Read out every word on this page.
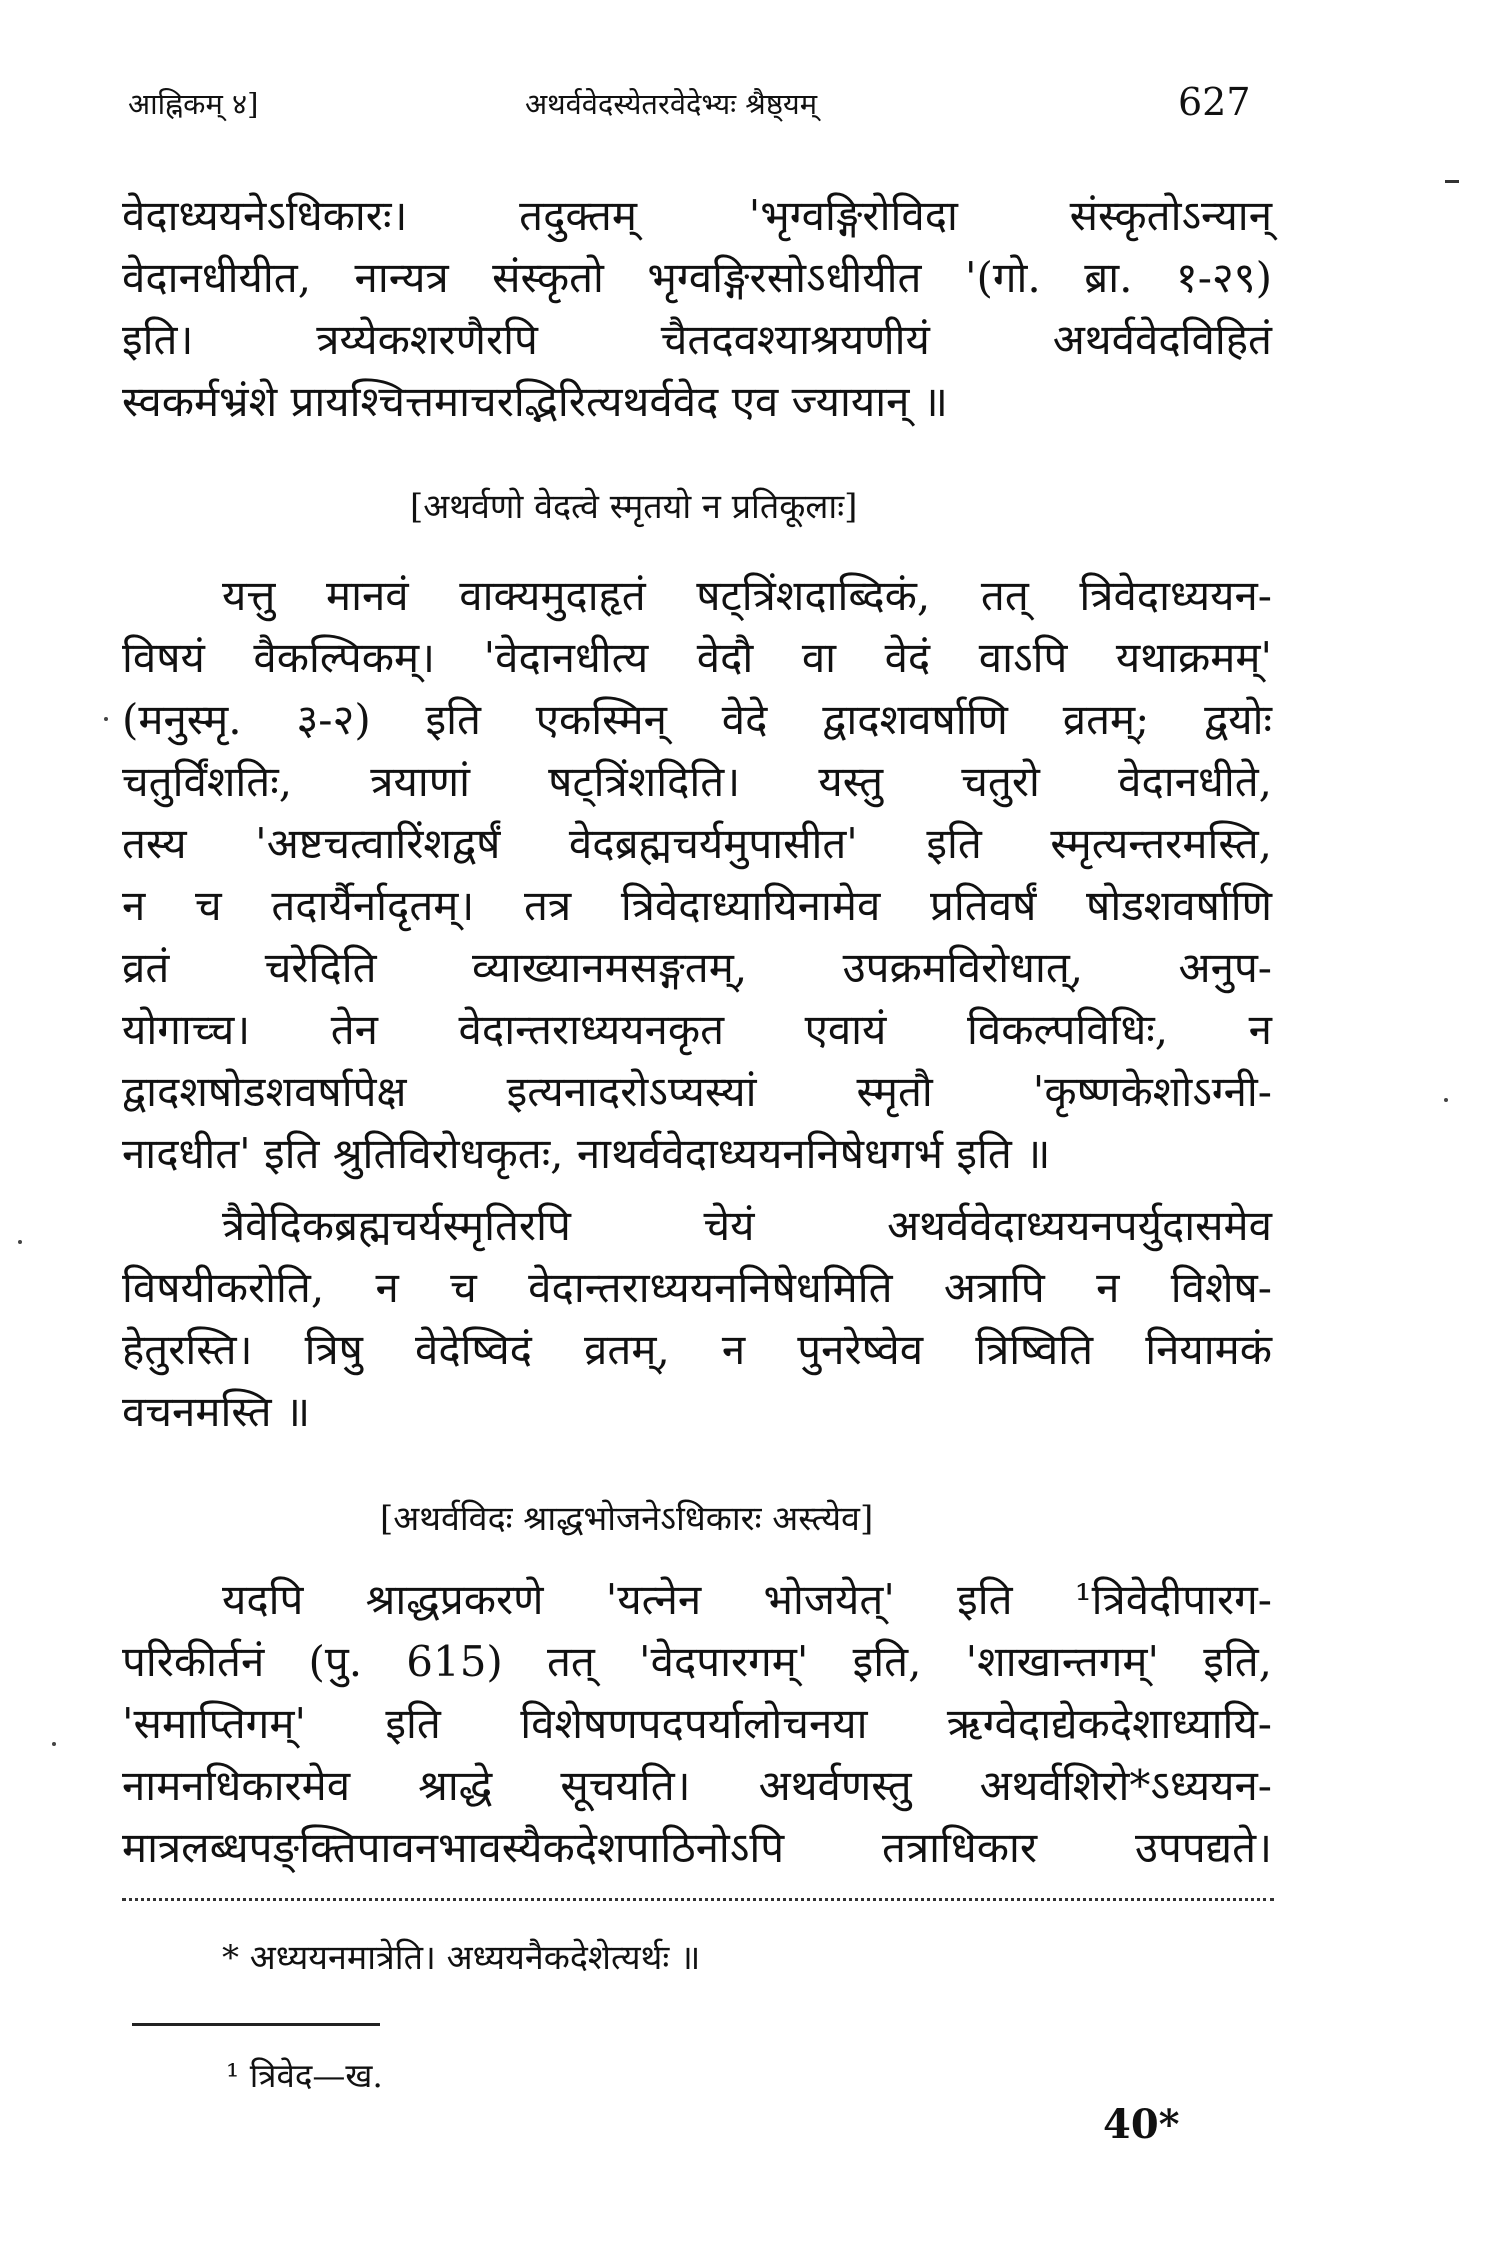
आह्निकम् ४]	अथर्ववेदस्येतरवेदेभ्यः श्रैष्ठ्यम्	627
वेदाध्ययनेऽधिकारः। तदुक्तम् 'भृग्वङ्गिरोविदा संस्कृतोऽन्यान्
वेदानधीयीत, नान्यत्र संस्कृतो भृग्वङ्गिरसोऽधीयीत '(गो. ब्रा. १-२९)
इति। त्रय्येकशरणैरपि चैतदवश्याश्रयणीयं अथर्ववेदविहितं
स्वकर्मभ्रंशे प्रायश्चित्तमाचरद्भिरित्यथर्ववेद एव ज्यायान् ॥
[अथर्वणो वेदत्वे स्मृतयो न प्रतिकूलाः]
यत्तु मानवं वाक्यमुदाहृतं षट्त्रिंशदाब्दिकं, तत् त्रिवेदाध्ययन-
विषयं वैकल्पिकम्। 'वेदानधीत्य वेदौ वा वेदं वाऽपि यथाक्रमम्'
(मनुस्मृ. ३-२) इति एकस्मिन् वेदे द्वादशवर्षाणि व्रतम्; द्वयोः
चतुर्विंशतिः, त्रयाणां षट्त्रिंशदिति। यस्तु चतुरो वेदानधीते,
तस्य 'अष्टचत्वारिंशद्वर्षं वेदब्रह्मचर्यमुपासीत' इति स्मृत्यन्तरमस्ति,
न च तदार्यैर्नादृतम्। तत्र त्रिवेदाध्यायिनामेव प्रतिवर्षं षोडशवर्षाणि
व्रतं चरेदिति व्याख्यानमसङ्गतम्, उपक्रमविरोधात्, अनुप-
योगाच्च। तेन वेदान्तराध्ययनकृत एवायं विकल्पविधिः, न
द्वादशषोडशवर्षापेक्ष इत्यनादरोऽप्यस्यां स्मृतौ 'कृष्णकेशोऽग्नी-
नादधीत' इति श्रुतिविरोधकृतः, नाथर्ववेदाध्ययननिषेधगर्भ इति ॥
त्रैवेदिकब्रह्मचर्यस्मृतिरपि चेयं अथर्ववेदाध्ययनपर्युदासमेव
विषयीकरोति, न च वेदान्तराध्ययननिषेधमिति अत्रापि न विशेष-
हेतुरस्ति। त्रिषु वेदेष्विदं व्रतम्, न पुनरेष्वेव त्रिष्विति नियामकं
वचनमस्ति ॥
[अथर्वविदः श्राद्धभोजनेऽधिकारः अस्त्येव]
यदपि श्राद्धप्रकरणे 'यत्नेन भोजयेत्' इति ¹त्रिवेदीपारग-
परिकीर्तनं (पु. 615) तत् 'वेदपारगम्' इति, 'शाखान्तगम्' इति,
'समाप्तिगम्' इति विशेषणपदपर्यालोचनया ऋग्वेदाद्येकदेशाध्यायि-
नामनधिकारमेव श्राद्धे सूचयति। अथर्वणस्तु अथर्वशिरो*ऽध्ययन-
मात्रलब्धपङ्क्तिपावनभावस्यैकदेशपाठिनोऽपि तत्राधिकार उपपद्यते।
* अध्ययनमात्रेति। अध्ययनैकदेशेत्यर्थः ॥
¹ त्रिवेद—ख.
40*
